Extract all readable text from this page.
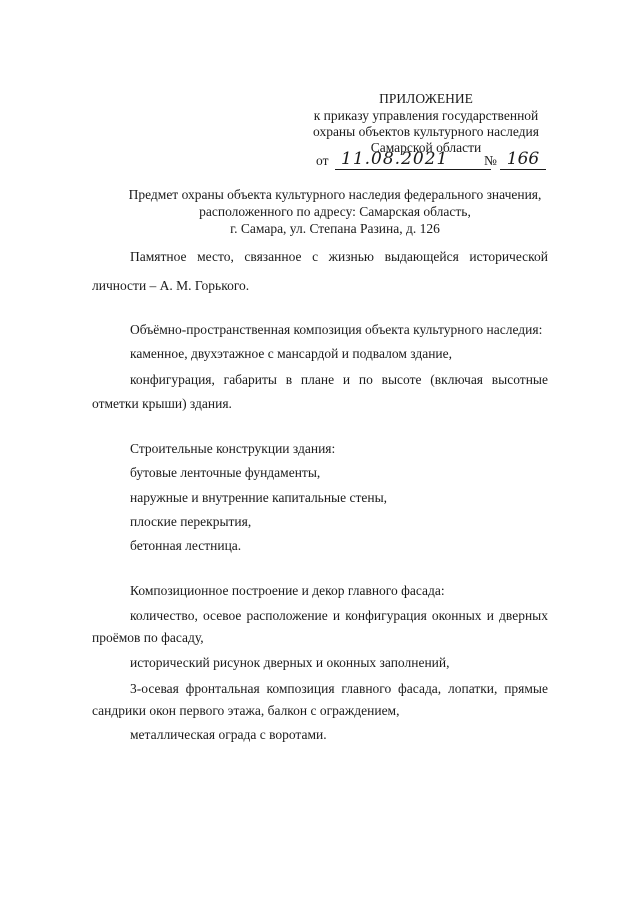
ПРИЛОЖЕНИЕ
к приказу управления государственной
охраны объектов культурного наследия
Самарской области
от 11.08.2021	№ 166
Предмет охраны объекта культурного наследия федерального значения,
расположенного по адресу: Самарская область,
г. Самара, ул. Степана Разина, д. 126
Памятное место, связанное с жизнью выдающейся исторической
личности – А. М. Горького.
Объёмно-пространственная композиция объекта культурного наследия:
каменное, двухэтажное с мансардой и подвалом здание,
конфигурация, габариты в плане и по высоте (включая высотные
отметки крыши) здания.
Строительные конструкции здания:
бутовые ленточные фундаменты,
наружные и внутренние капитальные стены,
плоские перекрытия,
бетонная лестница.
Композиционное построение и декор главного фасада:
количество, осевое расположение и конфигурация оконных и дверных
проёмов по фасаду,
исторический рисунок дверных и оконных заполнений,
3-осевая фронтальная композиция главного фасада, лопатки, прямые
сандрики окон первого этажа, балкон с ограждением,
металлическая ограда с воротами.
